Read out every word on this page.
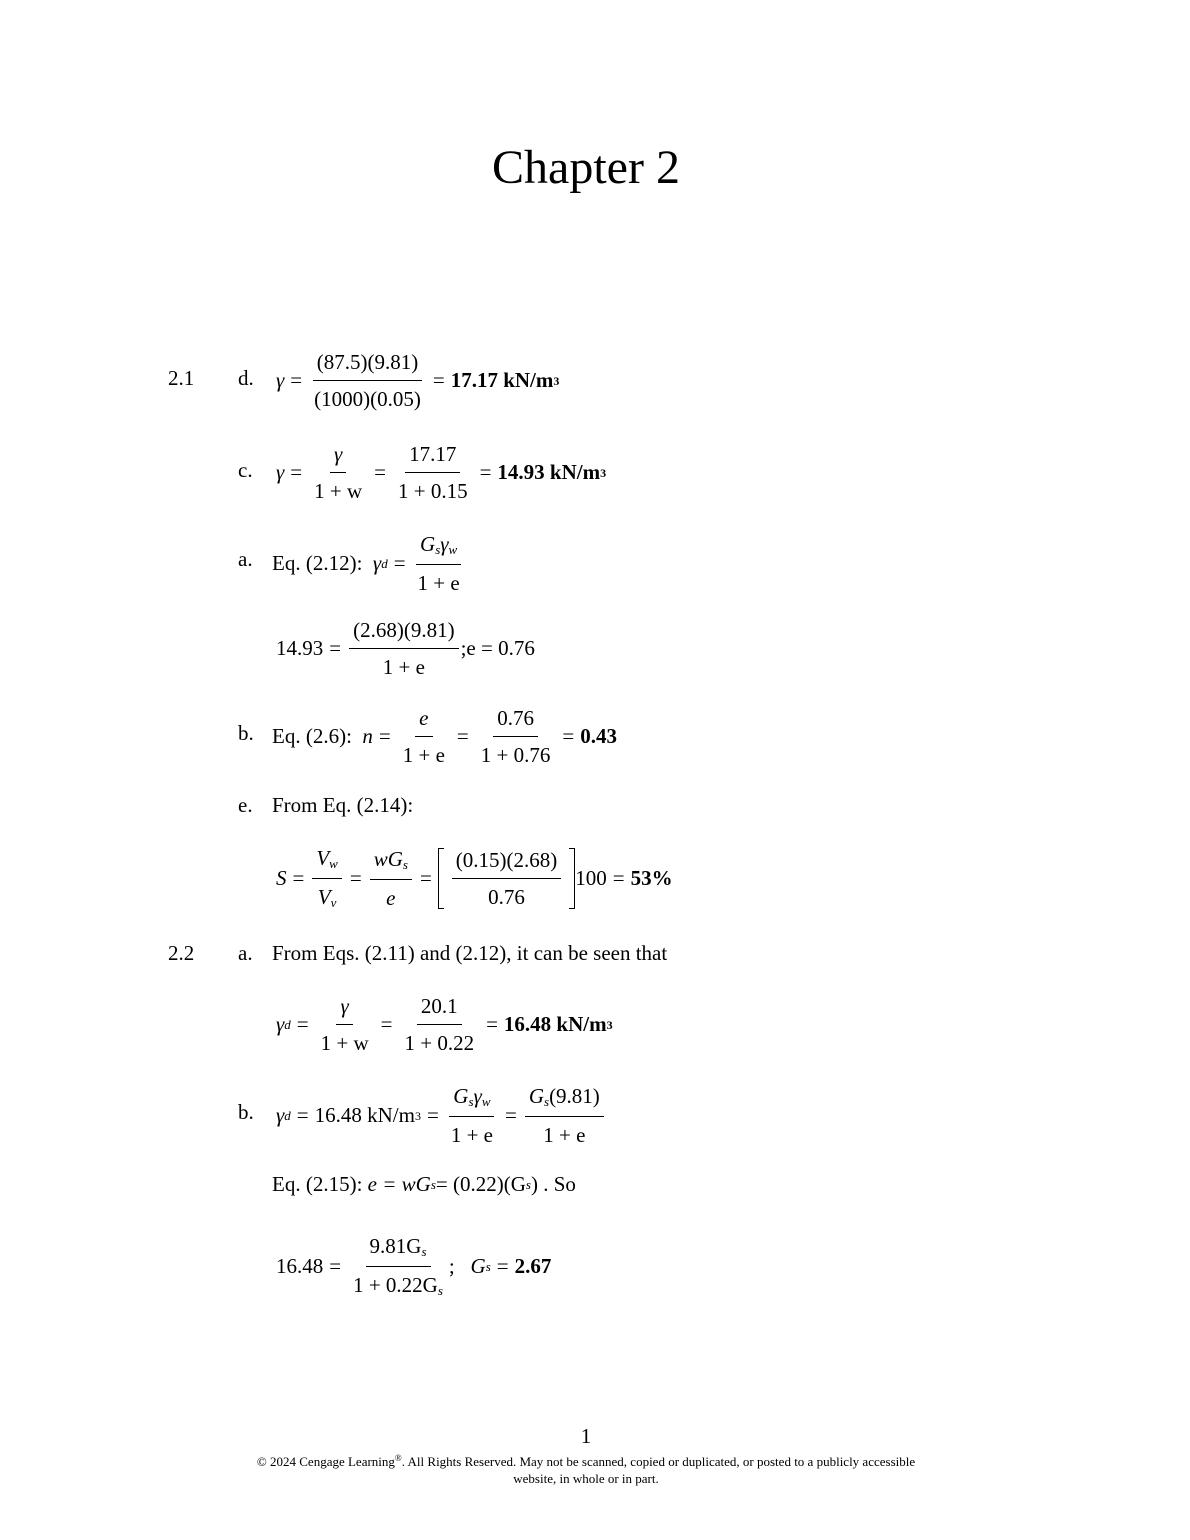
Chapter 2
2.1 d. $\gamma = \frac{(87.5)(9.81)}{(1000)(0.05)} = 17.17$ kN/m 3
c. $\gamma = \frac{\gamma}{1 + w} = \frac{17.17}{1 + 0.15} = 14.93$ kN/m 3
a. Eq. (2.12):
γ $d = \frac{G_s\gamma_w}{1 + e}$
$14.93 = \frac{(2.68)(9.81)}{1 + e}$ ;e = 0.76
b. Eq. (2.6):
$n = \frac{e}{1 + e} = \frac{0.76}{1 + 0.76} = 0.43$
e. From Eq. (2.14):
$S = \frac{V_w}{V_v} = \frac{wG_s}{e} = \frac{(0.15)(2.68)}{0.76} 100 = 53\%$
2.2 a. From Eqs. (2.11) and (2.12), it can be seen that
γ $d = \frac{\gamma}{1 + w} = \frac{20.1}{1 + 0.22} = 16.48$ kN/m 3
b. γ d = 16.48 kN/m $3 = \frac{G_s\gamma_w}{1 + e} = \frac{G_s(9.81)}{1 + e}$
Eq. (2.15):
e = wG s = (0.22)(G s ) . So
$16.48 = \frac{9.81G_s}{1 + 0.22G_s}$ ; G s = 2.67
1
© 2024 Cengage Learning®. All Rights Reserved. May not be scanned, copied or duplicated, or posted to a publicly accessible
website, in whole or in part.
